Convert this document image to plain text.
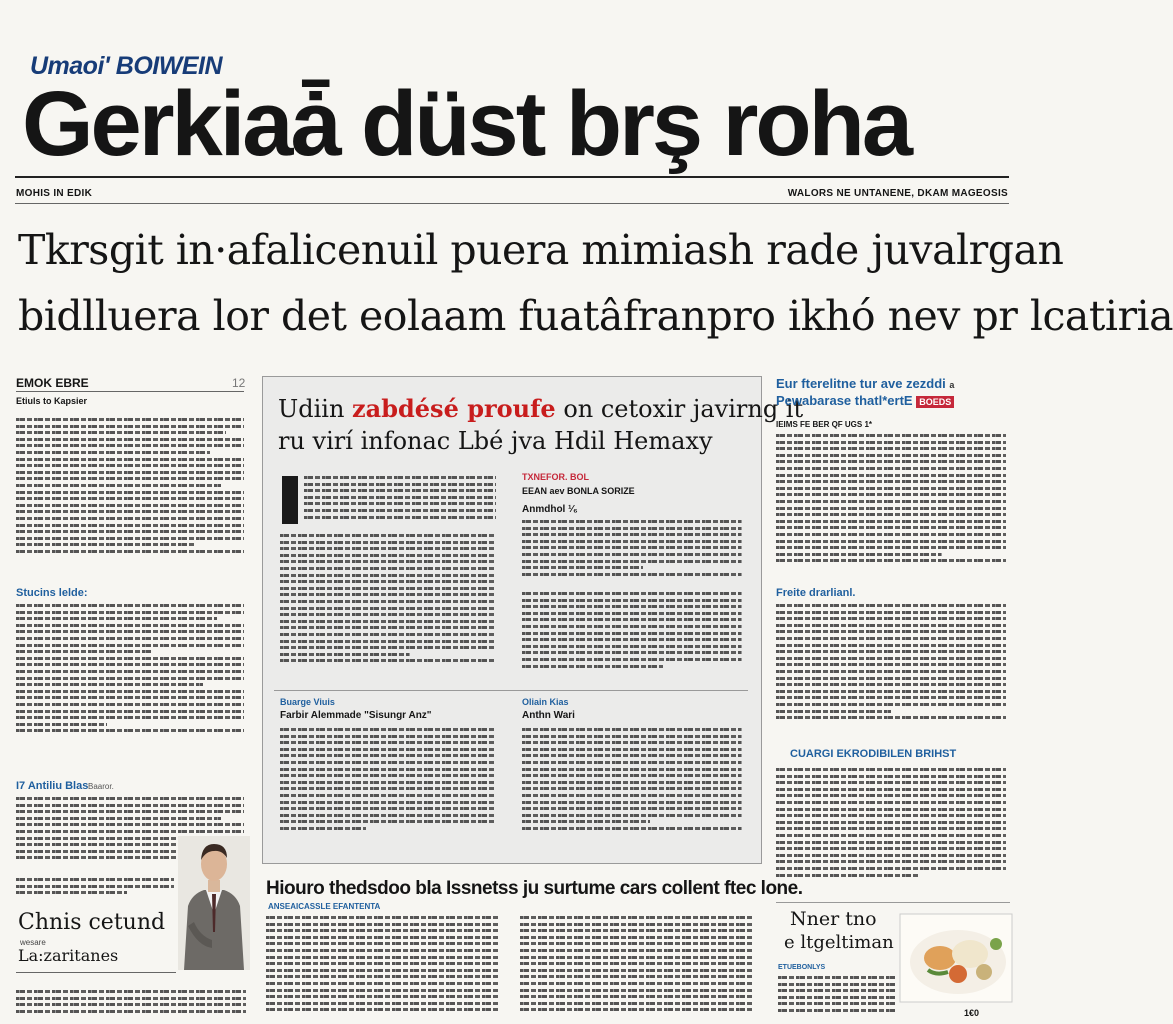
Umaoi' BOIWEIN
Gerkiaǡ düst brş roha
MOHIS IN EDIK	WALORS NE UNTANENE, DKAM MAGEOSIS
Tkrsgit in·afalicenuil puera mimiash rade juvalrgan
bidlluera lor det eolaam fuatâfranpro ikhó nev pr lcatiria
EMOK EBRE	12
Etiuls to Kapsier
Stucins lelde:
I7 Antiliu Blas Baaror.
Chnis cetund
wesare
La:zaritanes
Udiin zabdésé proufe on cetoxir javirng it
ru virí infonac Lbé jva Hdil Hemaxy
TXNEFOR. BOL
EEAN aev BONLA SORIZE
Anmdhol ¹⁄₆
Buarge Viuis
Farbir Alemmade "Sisungr Anz"
Oliain Kias
Anthn Wari
Hiouro thedsdoo bla Issnetss ju surtume cars collent ftec lone.
ANSEAICASSLE EFANTENTA
Eur fterelitne tur ave zezddi a
Pewabarase thatl*ertE BOEDS
IEIMS FE BER QF UGS 1*
Freite drarlianl.
CUARGI EKRODIBILEN BRIHST
Nner tno
e ltgeltiman
ETUEBONLYS
1€0
